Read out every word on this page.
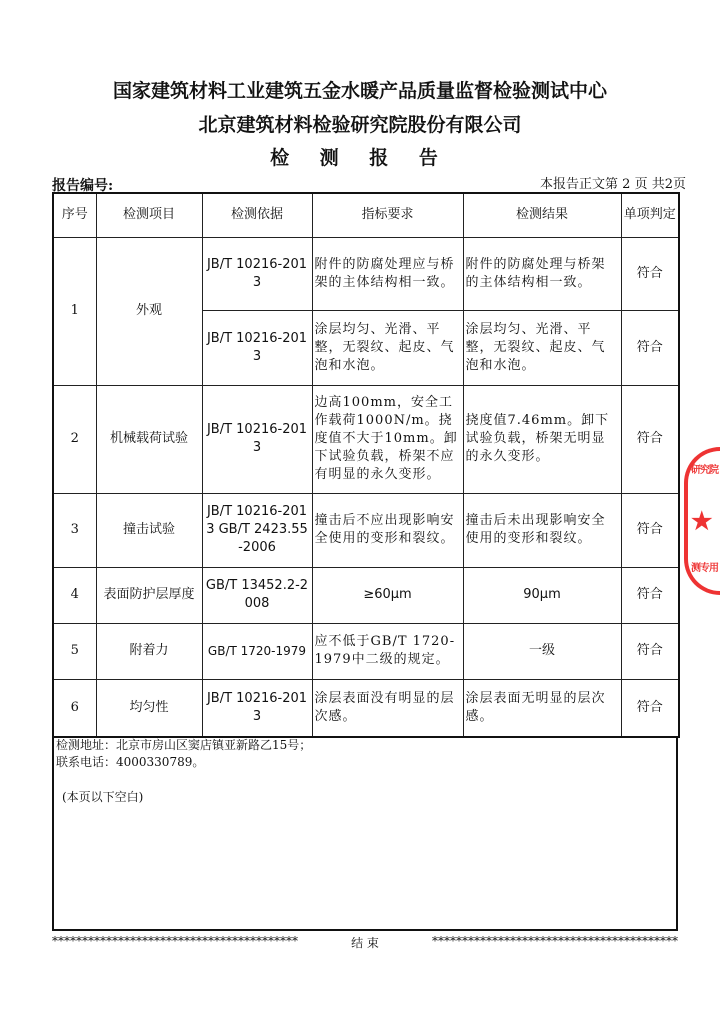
国家建筑材料工业建筑五金水暖产品质量监督检验测试中心
北京建筑材料检验研究院股份有限公司
检 测 报 告
报告编号:	本报告正文第 2 页 共2页
序号	检测项目	检测依据	指标要求	检测结果	单项判定
1	外观	JB/T 10216-2013	附件的防腐处理应与桥架的主体结构相一致。	附件的防腐处理与桥架的主体结构相一致。	符合
		JB/T 10216-2013	涂层均匀、光滑、平整，无裂纹、起皮、气泡和水泡。	涂层均匀、光滑、平整，无裂纹、起皮、气泡和水泡。	符合
2	机械载荷试验	JB/T 10216-2013	边高100mm，安全工作载荷1000N/m。挠度值不大于10mm。卸下试验负载，桥架不应有明显的永久变形。	挠度值7.46mm。卸下试验负载，桥架无明显的永久变形。	符合
3	撞击试验	JB/T 10216-2013 GB/T 2423.55-2006	撞击后不应出现影响安全使用的变形和裂纹。	撞击后未出现影响安全使用的变形和裂纹。	符合
4	表面防护层厚度	GB/T 13452.2-2008	≥60μm	90μm	符合
5	附着力	GB/T 1720-1979	应不低于GB/T 1720-1979中二级的规定。	一级	符合
6	均匀性	JB/T 10216-2013	涂层表面没有明显的层次感。	涂层表面无明显的层次感。	符合
检测地址：北京市房山区窦店镇亚新路乙15号；
联系电话：4000330789。
(本页以下空白)
*****************************************	结 束	*****************************************
研究院
★
测专用
